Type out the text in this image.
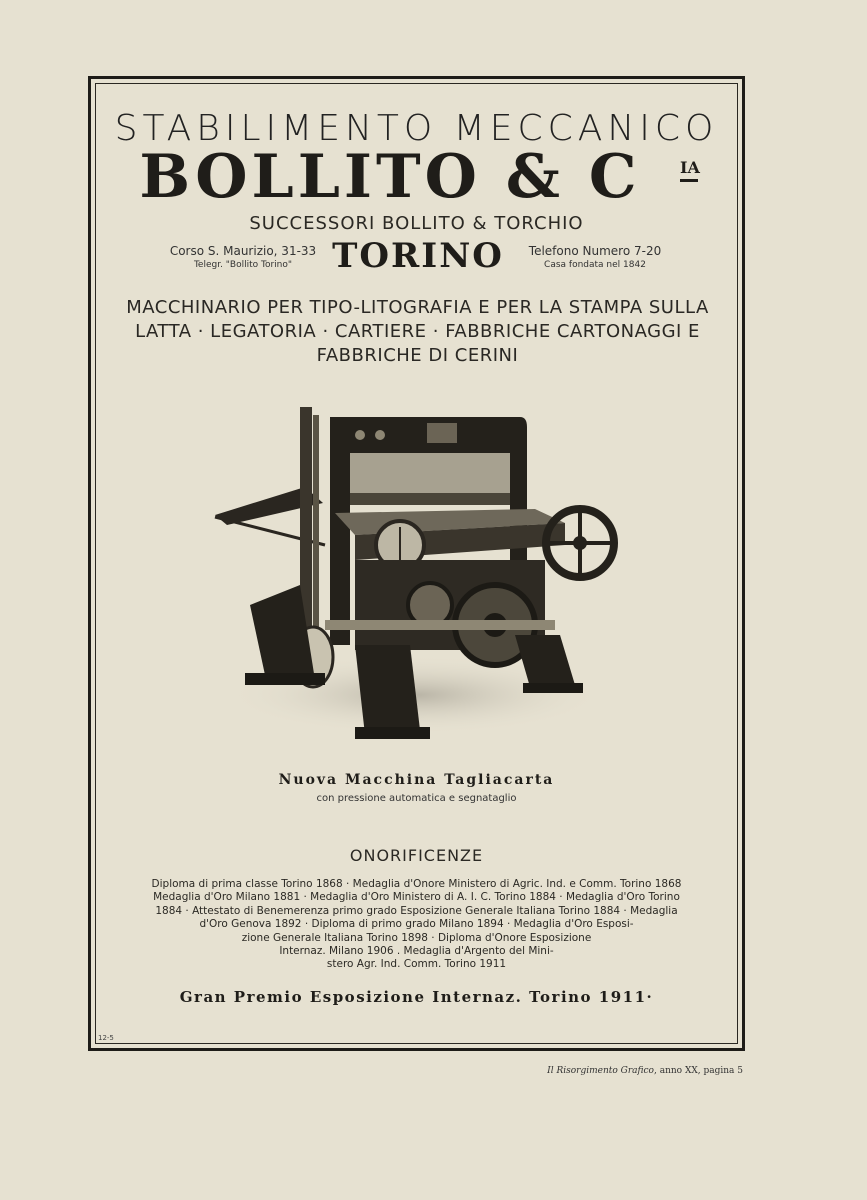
STABILIMENTO MECCANICO
BOLLITO & C	IA
SUCCESSORI BOLLITO & TORCHIO
Corso S. Maurizio, 31-33
Telegr. "Bollito Torino"	TORINO	Telefono Numero 7-20
Casa fondata nel 1842
MACCHINARIO PER TIPO-LITOGRAFIA E PER LA STAMPA SULLA
LATTA · LEGATORIA · CARTIERE · FABBRICHE CARTONAGGI E
FABBRICHE DI CERINI
Nuova Macchina Tagliacarta
con pressione automatica e segnataglio
ONORIFICENZE
Diploma di prima classe Torino 1868 · Medaglia d'Onore Ministero di Agric. Ind. e Comm. Torino 1868
Medaglia d'Oro Milano 1881 · Medaglia d'Oro Ministero di A. I. C. Torino 1884 · Medaglia d'Oro Torino
1884 · Attestato di Benemerenza primo grado Esposizione Generale Italiana Torino 1884 · Medaglia
d'Oro Genova 1892 · Diploma di primo grado Milano 1894 · Medaglia d'Oro Esposi-
zione Generale Italiana Torino 1898 · Diploma d'Onore Esposizione
Internaz. Milano 1906 . Medaglia d'Argento del Mini-
stero Agr. Ind. Comm. Torino 1911
Gran Premio Esposizione Internaz. Torino 1911·
12-5
Il Risorgimento Grafico, anno XX, pagina 5
